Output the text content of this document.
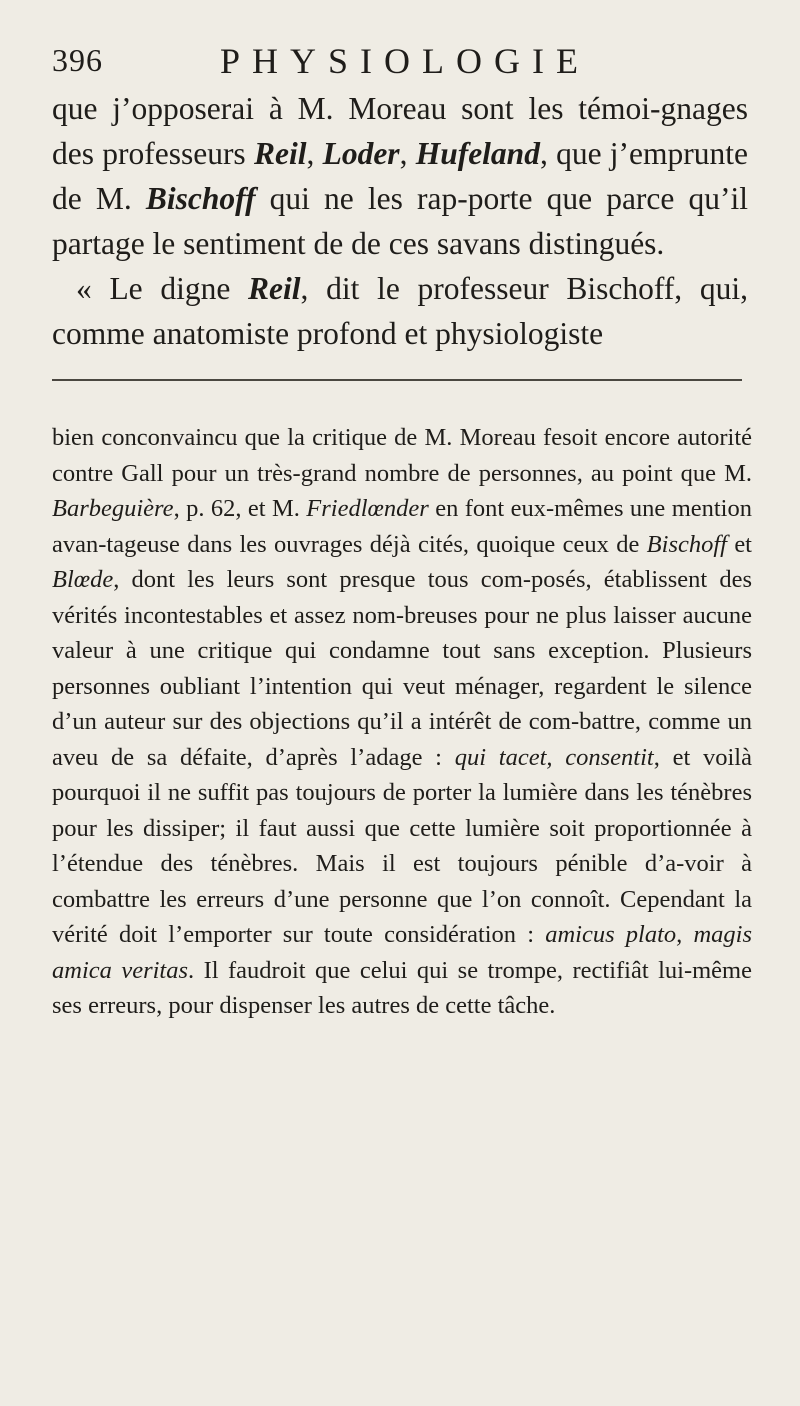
396	PHYSIOLOGIE

que j’opposerai à M. Moreau sont les témoi-gnages des professeurs Reil, Loder, Hufeland, que j’emprunte de M. Bischoff qui ne les rap-porte que parce qu’il partage le sentiment de de ces savans distingués.

« Le digne Reil, dit le professeur Bischoff, qui, comme anatomiste profond et physiologiste

bien conconvaincu que la critique de M. Moreau fesoit encore autorité contre Gall pour un très-grand nombre de personnes, au point que M. Barbeguière, p. 62, et M. Friedlœnder en font eux-mêmes une mention avan-tageuse dans les ouvrages déjà cités, quoique ceux de Bischoff et Blœde, dont les leurs sont presque tous com-posés, établissent des vérités incontestables et assez nom-breuses pour ne plus laisser aucune valeur à une critique qui condamne tout sans exception. Plusieurs personnes oubliant l’intention qui veut ménager, regardent le silence d’un auteur sur des objections qu’il a intérêt de com-battre, comme un aveu de sa défaite, d’après l’adage : qui tacet, consentit, et voilà pourquoi il ne suffit pas toujours de porter la lumière dans les ténèbres pour les dissiper; il faut aussi que cette lumière soit proportionnée à l’étendue des ténèbres. Mais il est toujours pénible d’a-voir à combattre les erreurs d’une personne que l’on connoît. Cependant la vérité doit l’emporter sur toute considération : amicus plato, magis amica veritas. Il faudroit que celui qui se trompe, rectifiât lui-même ses erreurs, pour dispenser les autres de cette tâche.
